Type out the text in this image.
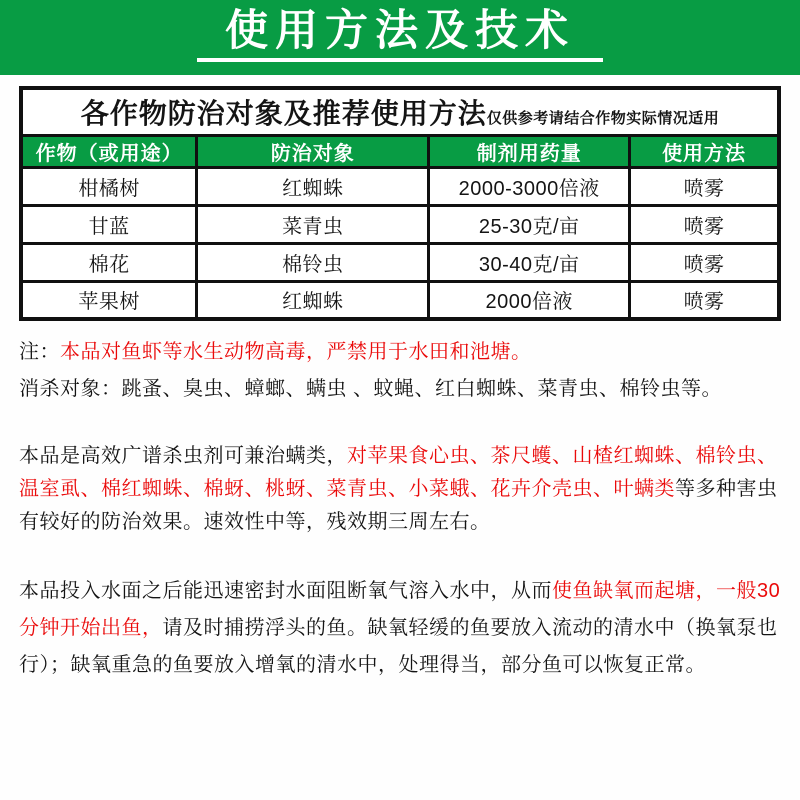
使用方法及技术
各作物防治对象及推荐使用方法仅供参考请结合作物实际情况适用			
作物（或用途）	防治对象	制剂用药量	使用方法
柑橘树	红蜘蛛	2000-3000倍液	喷雾
甘蓝	菜青虫	25-30克/亩	喷雾
棉花	棉铃虫	30-40克/亩	喷雾
苹果树	红蜘蛛	2000倍液	喷雾

注：本品对鱼虾等水生动物高毒，严禁用于水田和池塘。

消杀对象：跳蚤、臭虫、蟑螂、螨虫 、蚊蝇、红白蜘蛛、菜青虫、棉铃虫等。

本品是高效广谱杀虫剂可兼治螨类，对苹果食心虫、茶尺蠖、山楂红蜘蛛、棉铃虫、温室虱、棉红蜘蛛、棉蚜、桃蚜、菜青虫、小菜蛾、花卉介壳虫、叶螨类等多种害虫有较好的防治效果。速效性中等，残效期三周左右。

本品投入水面之后能迅速密封水面阻断氧气溶入水中，从而使鱼缺氧而起塘，一般30分钟开始出鱼，请及时捕捞浮头的鱼。缺氧轻缓的鱼要放入流动的清水中（换氧泵也行）；缺氧重急的鱼要放入增氧的清水中，处理得当，部分鱼可以恢复正常。
